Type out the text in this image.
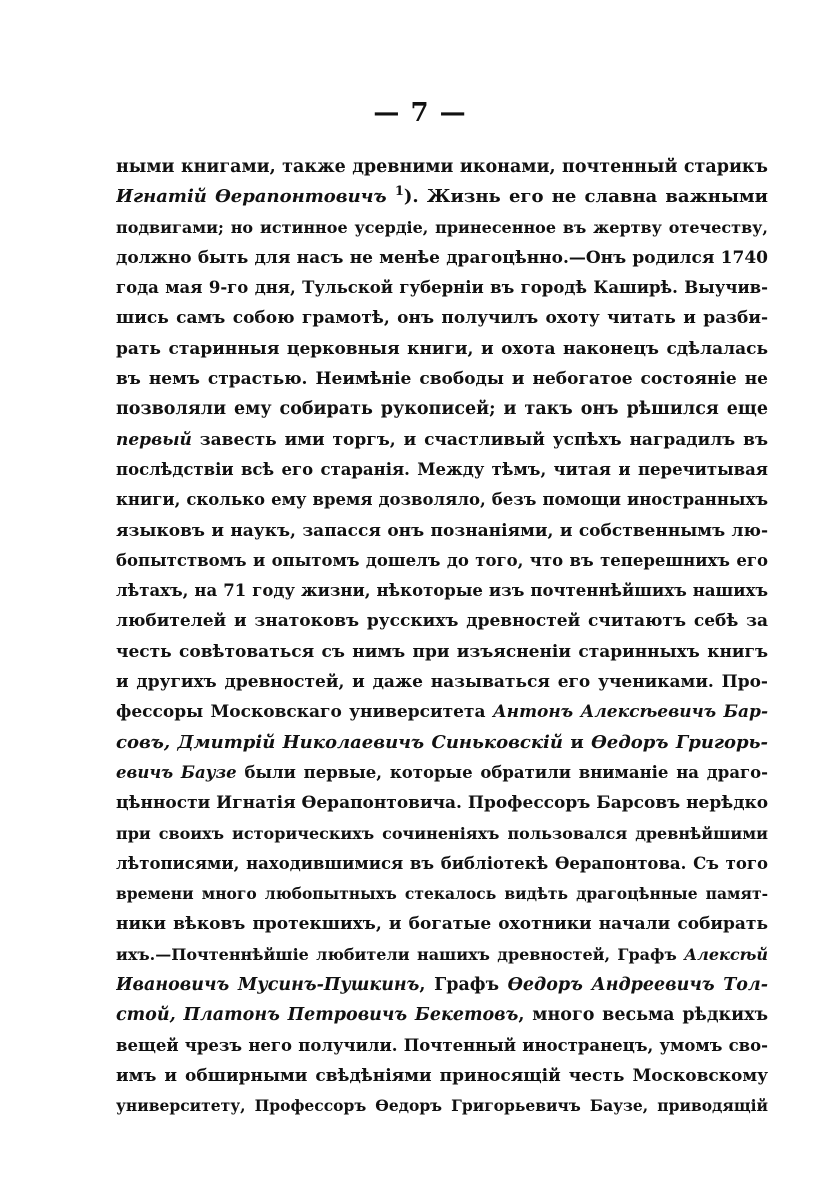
— 7 —
ными книгами, также древними иконами, почтенный старикъ
Игнатій Ѳерапонтовичъ $^1$). Жизнь его не славна важными
подвигами; но истинное усердіе, принесенное въ жертву отечеству,
должно быть для насъ не менѣе драгоцѣнно.—Онъ родился 1740
года мая 9-го дня, Тульской губерніи въ городѣ Каширѣ. Выучив-
шись самъ собою грамотѣ, онъ получилъ охоту читать и разби-
рать старинныя церковныя книги, и охота наконецъ сдѣлалась
въ немъ страстью. Неимѣніе свободы и небогатое состояніе не
позволяли ему собирать рукописей; и такъ онъ рѣшился еще
первый завесть ими торгъ, и счастливый успѣхъ наградилъ въ
послѣдствіи всѣ его старанія. Между тѣмъ, читая и перечитывая
книги, сколько ему время дозволяло, безъ помощи иностранныхъ
языковъ и наукъ, запасся онъ познаніями, и собственнымъ лю-
бопытствомъ и опытомъ дошелъ до того, что въ теперешнихъ его
лѣтахъ, на 71 году жизни, нѣкоторые изъ почтеннѣйшихъ нашихъ
любителей и знатоковъ русскихъ древностей считаютъ себѣ за
честь совѣтоваться съ нимъ при изъясненіи старинныхъ книгъ
и другихъ древностей, и даже называться его учениками. Про-
фессоры Московскаго университета Антонъ Алексѣевичъ Бар-
совъ, Дмитрій Николаевичъ Синьковскій и Ѳедоръ Григорь-
евичъ Баузе были первые, которые обратили вниманіе на драго-
цѣнности Игнатія Ѳерапонтовича. Профессоръ Барсовъ нерѣдко
при своихъ историческихъ сочиненіяхъ пользовался древнѣйшими
лѣтописями, находившимися въ библіотекѣ Ѳерапонтова. Съ того
времени много любопытныхъ стекалось видѣть драгоцѣнные памят-
ники вѣковъ протекшихъ, и богатые охотники начали собирать
ихъ.—Почтеннѣйшіе любители нашихъ древностей, Графъ Алексѣй
Ивановичъ Мусинъ-Пушкинъ, Графъ Ѳедоръ Андреевичъ Тол-
стой, Платонъ Петровичъ Бекетовъ, много весьма рѣдкихъ
вещей чрезъ него получили. Почтенный иностранецъ, умомъ сво-
имъ и обширными свѣдѣніями приносящій честь Московскому
университету, Профессоръ Ѳедоръ Григорьевичъ Баузе, приводящій
